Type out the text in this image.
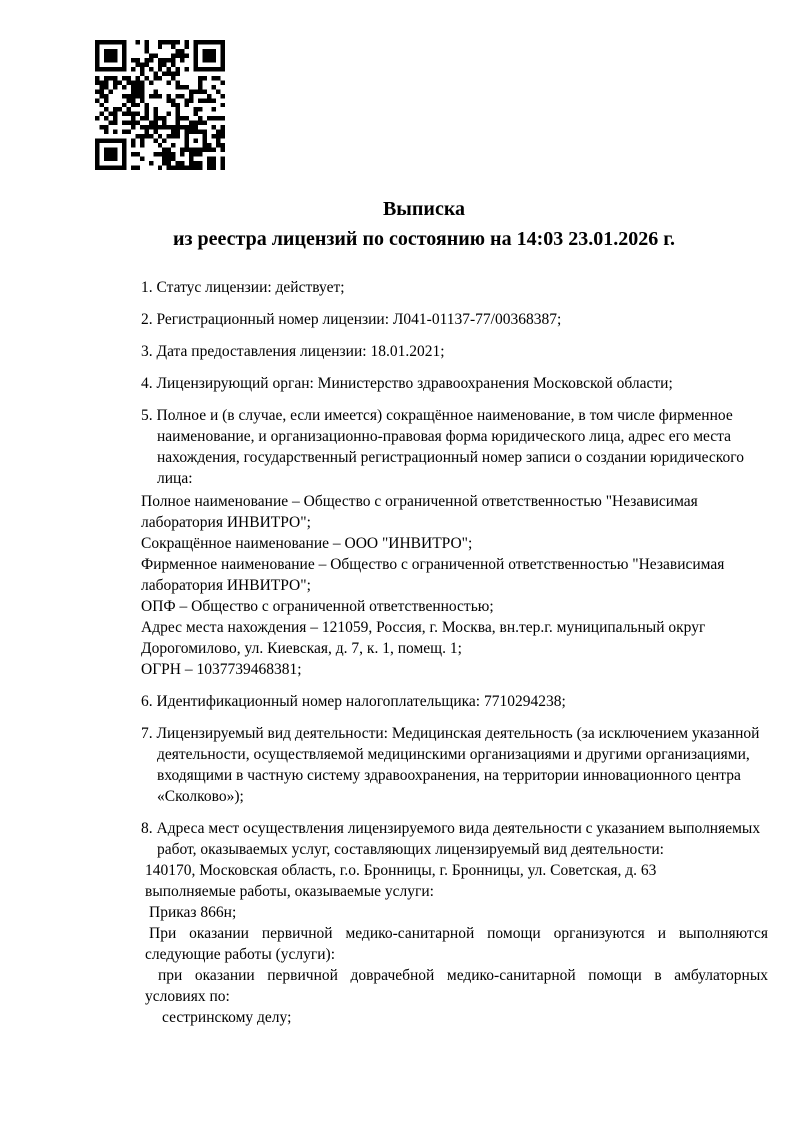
Выписка

из реестра лицензий по состоянию на 14:03 23.01.2026 г.

1. Статус лицензии: действует;

2. Регистрационный номер лицензии: Л041-01137-77/00368387;

3. Дата предоставления лицензии: 18.01.2021;

4. Лицензирующий орган: Министерство здравоохранения Московской области;

5. Полное и (в случае, если имеется) сокращённое наименование, в том числе фирменное наименование, и организационно-правовая форма юридического лица, адрес его места нахождения, государственный регистрационный номер записи о создании юридического лица:

Полное наименование – Общество с ограниченной ответственностью "Независимая лаборатория ИНВИТРО";

Сокращённое наименование – ООО "ИНВИТРО";

Фирменное наименование – Общество с ограниченной ответственностью "Независимая лаборатория ИНВИТРО";

ОПФ – Общество с ограниченной ответственностью;

Адрес места нахождения – 121059, Россия, г. Москва, вн.тер.г. муниципальный округ Дорогомилово, ул. Киевская, д. 7, к. 1, помещ. 1;

ОГРН – 1037739468381;

6. Идентификационный номер налогоплательщика: 7710294238;

7. Лицензируемый вид деятельности: Медицинская деятельность (за исключением указанной деятельности, осуществляемой медицинскими организациями и другими организациями, входящими в частную систему здравоохранения, на территории инновационного центра «Сколково»);

8. Адреса мест осуществления лицензируемого вида деятельности с указанием выполняемых работ, оказываемых услуг, составляющих лицензируемый вид деятельности:

140170, Московская область, г.о. Бронницы, г. Бронницы, ул. Советская, д. 63

выполняемые работы, оказываемые услуги:

Приказ 866н;

При оказании первичной медико-санитарной помощи организуются и выполняются следующие работы (услуги):

при оказании первичной доврачебной медико-санитарной помощи в амбулаторных условиях по:

сестринскому делу;
